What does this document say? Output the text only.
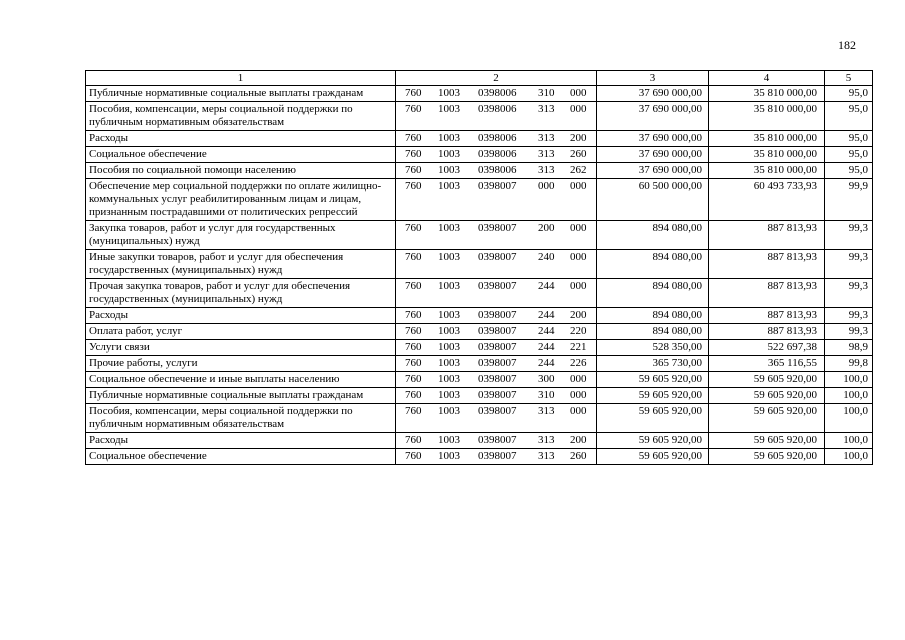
182
1	2	3	4	5
Публичные нормативные социальные выплаты гражданам	760 1003 0398006 310 000	37 690 000,00	35 810 000,00	95,0
Пособия, компенсации, меры социальной поддержки по публичным нормативным обязательствам	760 1003 0398006 313 000	37 690 000,00	35 810 000,00	95,0
Расходы	760 1003 0398006 313 200	37 690 000,00	35 810 000,00	95,0
Социальное обеспечение	760 1003 0398006 313 260	37 690 000,00	35 810 000,00	95,0
Пособия по социальной помощи населению	760 1003 0398006 313 262	37 690 000,00	35 810 000,00	95,0
Обеспечение мер социальной поддержки по оплате жилищно-коммунальных услуг реабилитированным лицам и лицам, признанным пострадавшими от политических репрессий	760 1003 0398007 000 000	60 500 000,00	60 493 733,93	99,9
Закупка товаров, работ и услуг для государственных (муниципальных) нужд	760 1003 0398007 200 000	894 080,00	887 813,93	99,3
Иные закупки товаров, работ и услуг для обеспечения государственных (муниципальных) нужд	760 1003 0398007 240 000	894 080,00	887 813,93	99,3
Прочая закупка товаров, работ и услуг для обеспечения государственных (муниципальных) нужд	760 1003 0398007 244 000	894 080,00	887 813,93	99,3
Расходы	760 1003 0398007 244 200	894 080,00	887 813,93	99,3
Оплата работ, услуг	760 1003 0398007 244 220	894 080,00	887 813,93	99,3
Услуги связи	760 1003 0398007 244 221	528 350,00	522 697,38	98,9
Прочие работы, услуги	760 1003 0398007 244 226	365 730,00	365 116,55	99,8
Социальное обеспечение и иные выплаты населению	760 1003 0398007 300 000	59 605 920,00	59 605 920,00	100,0
Публичные нормативные социальные выплаты гражданам	760 1003 0398007 310 000	59 605 920,00	59 605 920,00	100,0
Пособия, компенсации, меры социальной поддержки по публичным нормативным обязательствам	760 1003 0398007 313 000	59 605 920,00	59 605 920,00	100,0
Расходы	760 1003 0398007 313 200	59 605 920,00	59 605 920,00	100,0
Социальное обеспечение	760 1003 0398007 313 260	59 605 920,00	59 605 920,00	100,0
